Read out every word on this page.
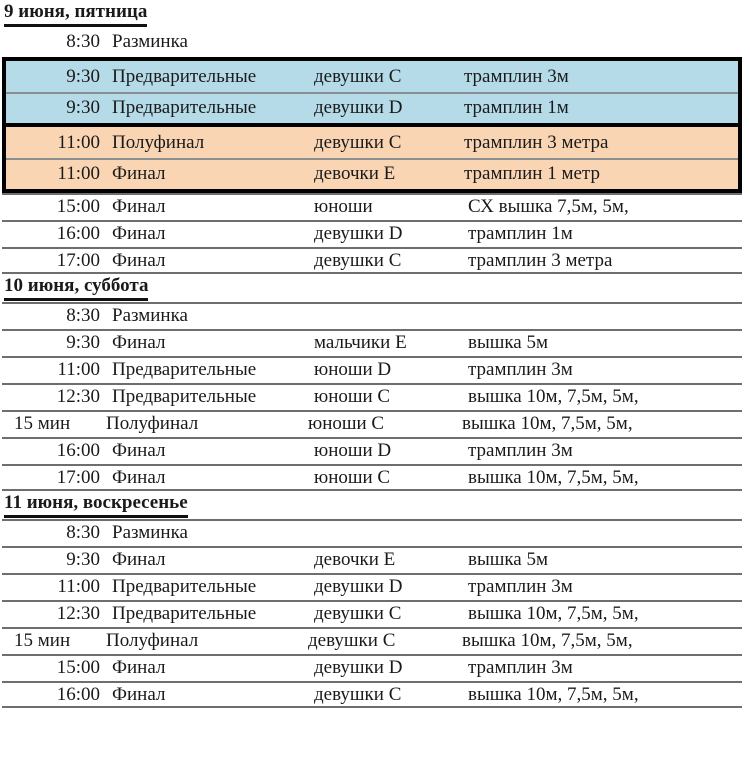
9 июня, пятница
8:30 Разминка
9:30 Предварительные	девушки C	трамплин 3м
9:30 Предварительные	девушки D	трамплин 1м
11:00 Полуфинал	девушки C	трамплин 3 метра
11:00 Финал	девочки E	трамплин 1 метр
15:00 Финал	юноши	СХ вышка 7,5м, 5м,
16:00 Финал	девушки D	трамплин 1м
17:00 Финал	девушки C	трамплин 3 метра
10 июня, суббота
8:30 Разминка
9:30 Финал	мальчики E	вышка 5м
11:00 Предварительные	юноши D	трамплин 3м
12:30 Предварительные	юноши C	вышка 10м, 7,5м, 5м,
15 мин	Полуфинал	юноши C	вышка 10м, 7,5м, 5м,
16:00 Финал	юноши D	трамплин 3м
17:00 Финал	юноши C	вышка 10м, 7,5м, 5м,
11 июня, воскресенье
8:30 Разминка
9:30 Финал	девочки E	вышка 5м
11:00 Предварительные	девушки D	трамплин 3м
12:30 Предварительные	девушки C	вышка 10м, 7,5м, 5м,
15 мин	Полуфинал	девушки C	вышка 10м, 7,5м, 5м,
15:00 Финал	девушки D	трамплин 3м
16:00 Финал	девушки C	вышка 10м, 7,5м, 5м,
